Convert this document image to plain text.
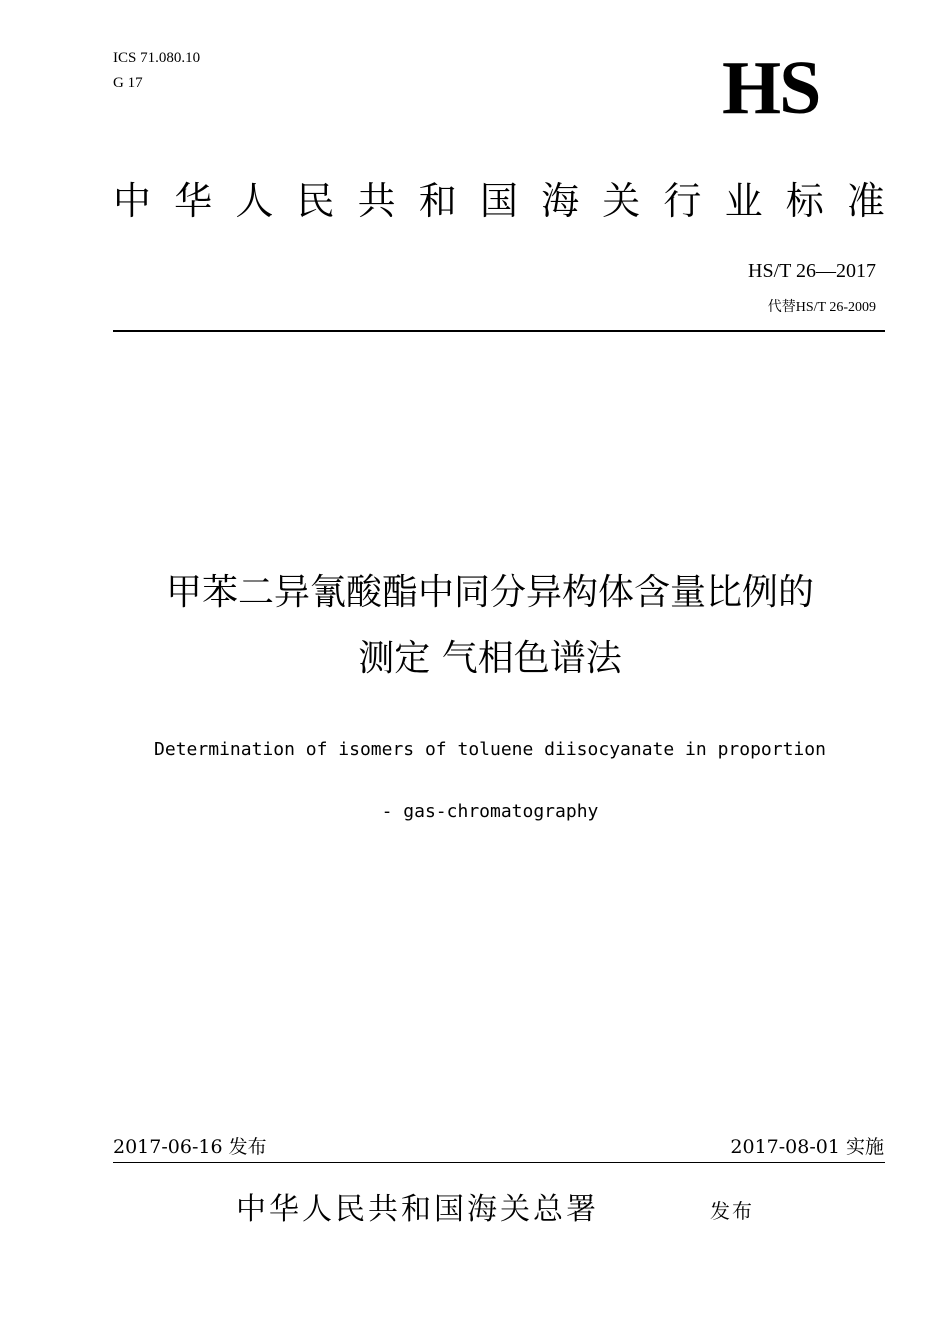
ICS 71.080.10
G 17	HS
中 华 人 民 共 和 国 海 关 行 业 标 准
HS/T 26—2017
代替HS/T 26-2009
甲苯二异氰酸酯中同分异构体含量比例的
测定 气相色谱法
Determination of isomers of toluene diisocyanate in proportion
- gas-chromatography
2017-06-16 发布	2017-08-01 实施
中华人民共和国海关总署	发布
